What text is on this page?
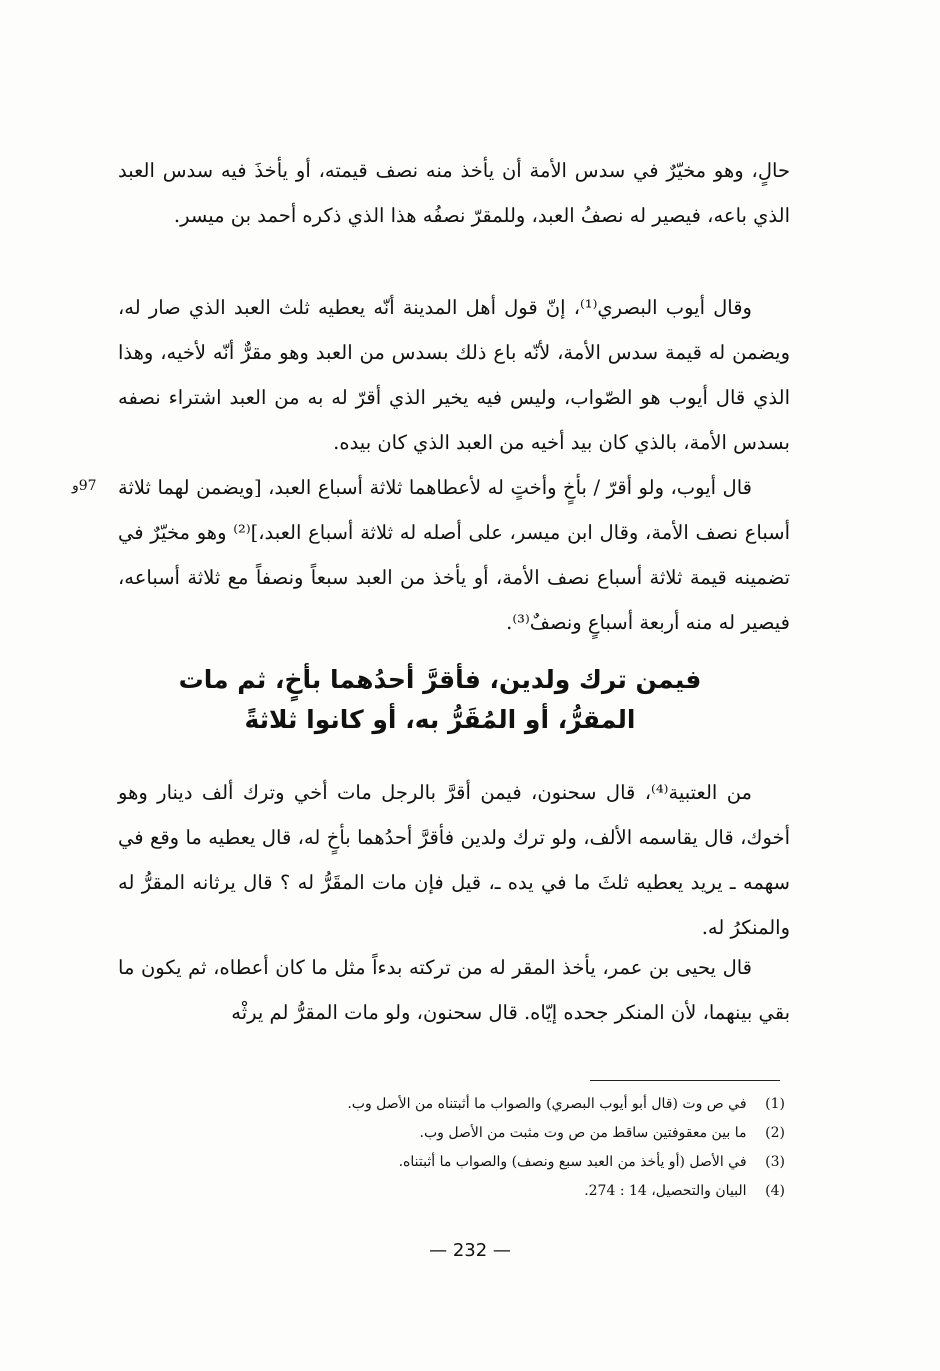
حالٍ، وهو مخيّرٌ في سدس الأمة أن يأخذ منه نصف قيمته، أو يأخذَ فيه سدس العبد الذي باعه، فيصير له نصفُ العبد، وللمقرّ نصفُه هذا الذي ذكره أحمد بن ميسر.

وقال أيوب البصري⁽¹⁾، إنّ قول أهل المدينة أنّه يعطيه ثلث العبد الذي صار له، ويضمن له قيمة سدس الأمة، لأنّه باع ذلك بسدس من العبد وهو مقرٌّ أنّه لأخيه، وهذا الذي قال أيوب هو الصّواب، وليس فيه يخير الذي أقرّ له به من العبد اشتراء نصفه بسدس الأمة، بالذي كان بيد أخيه من العبد الذي كان بيده.

قال أيوب، ولو أقرّ / بأخٍ وأختٍ له لأعطاهما ثلاثة أسباع العبد، [ويضمن لهما ثلاثة أسباع نصف الأمة، وقال ابن ميسر، على أصله له ثلاثة أسباع العبد،]⁽²⁾ وهو مخيّرٌ في تضمينه قيمة ثلاثة أسباع نصف الأمة، أو يأخذ من العبد سبعاً ونصفاً مع ثلاثة أسباعه، فيصير له منه أربعة أسباعٍ ونصفٌ⁽³⁾.

97و
فيمن ترك ولدين، فأقرَّ أحدُهما بأخٍ، ثم مات
المقرُّ، أو المُقَرُّ به، أو كانوا ثلاثةً

من العتبية⁽⁴⁾، قال سحنون، فيمن أقرَّ بالرجل مات أخي وترك ألف دينار وهو أخوك، قال يقاسمه الألف، ولو ترك ولدين فأقرَّ أحدُهما بأخٍ له، قال يعطيه ما وقع في سهمه ـ يريد يعطيه ثلثَ ما في يده ـ، قيل فإن مات المقَرُّ له ؟ قال يرثانه المقرُّ له والمنكرُ له.

قال يحيى بن عمر، يأخذ المقر له من تركته بدءاً مثل ما كان أعطاه، ثم يكون ما بقي بينهما، لأن المنكر جحده إيّاه. قال سحنون، ولو مات المقرُّ لم يرثْه

(1) في ص وت (قال أبو أيوب البصري) والصواب ما أثبتناه من الأصل وب.
(2) ما بين معقوفتين ساقط من ص وت مثبت من الأصل وب.
(3) في الأصل (أو يأخذ من العبد سبع ونصف) والصواب ما أثبتناه.
(4) البيان والتحصيل، 14 : 274.
— 232 —
